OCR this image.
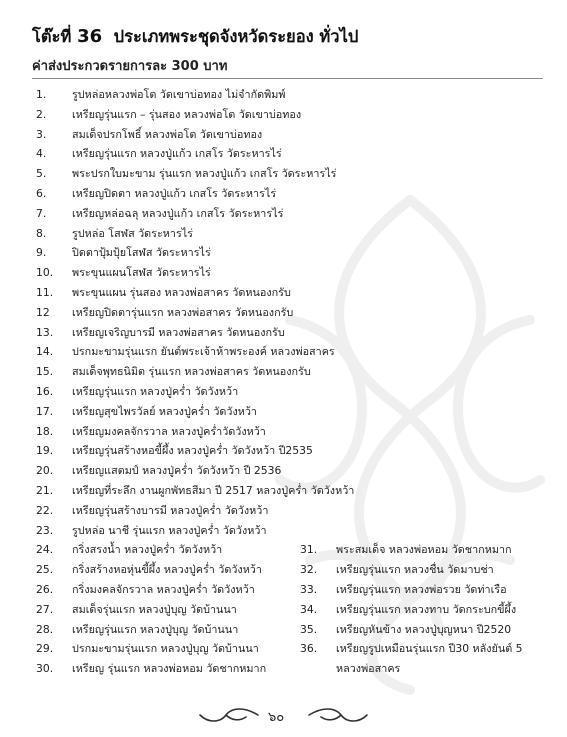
โต๊ะที่ 36 ประเภทพระชุดจังหวัดระยอง ทั่วไป
ค่าส่งประกวดรายการละ 300 บาท
1. รูปหล่อหลวงพ่อโต วัดเขาบ่อทอง ไม่จำกัดพิมพ์
2. เหรียญรุ่นแรก – รุ่นสอง หลวงพ่อโต วัดเขาบ่อทอง
3. สมเด็จปรกโพธิ์ หลวงพ่อโต วัดเขาบ่อทอง
4. เหรียญรุ่นแรก หลวงปู่แก้ว เกสโร วัดระหารไร่
5. พระปรกใบมะขาม รุ่นแรก หลวงปู่แก้ว เกสโร วัดระหารไร่
6. เหรียญปิดตา หลวงปู่แก้ว เกสโร วัดระหารไร่
7. เหรียญหล่อฉลุ หลวงปู่แก้ว เกสโร วัดระหารไร่
8. รูปหล่อ โสฬส วัดระหารไร่
9. ปิดตาปุ้มปุ้ยโสฬส วัดระหารไร่
10. พระขุนแผนโสฬส วัดระหารไร่
11. พระขุนแผน รุ่นสอง หลวงพ่อสาคร วัดหนองกรับ
12 เหรียญปิดตารุ่นแรก หลวงพ่อสาคร วัดหนองกรับ
13. เหรียญเจริญบารมี หลวงพ่อสาคร วัดหนองกรับ
14. ปรกมะขามรุ่นแรก ยันต์พระเจ้าห้าพระองค์ หลวงพ่อสาคร
15. สมเด็จพุทธนิมิต รุ่นแรก หลวงพ่อสาคร วัดหนองกรับ
16. เหรียญรุ่นแรก หลวงปู่คร่ำ วัดวังหว้า
17. เหรียญสุขไพรวัลย์ หลวงปู่คร่ำ วัดวังหว้า
18. เหรียญมงคลจักรวาล หลวงปู่คร่ำวัดวังหว้า
19. เหรียญรุ่นสร้างหอขี้ผึ้ง หลวงปู่คร่ำ วัดวังหว้า ปี2535
20. เหรียญแสตมป์ หลวงปู่คร่ำ วัดวังหว้า ปี 2536
21. เหรียญที่ระลึก งานผูกพัทธสีมา ปี 2517 หลวงปู่คร่ำ วัดวังหว้า
22. เหรียญรุ่นสร้างบารมี หลวงปู่คร่ำ วัดวังหว้า
23. รูปหล่อ นาชี รุ่นแรก หลวงปู่คร่ำ วัดวังหว้า
24. กริ่งสรงน้ำ หลวงปู่คร่ำ วัดวังหว้า
25. กริ่งสร้างหอหุ่นขี้ผึ้ง หลวงปู่คร่ำ วัดวังหว้า
26. กริ่งมงคลจักรวาล หลวงปู่คร่ำ วัดวังหว้า
27. สมเด็จรุ่นแรก หลวงปู่บุญ วัดบ้านนา
28. เหรียญรุ่นแรก หลวงปู่บุญ วัดบ้านนา
29. ปรกมะขามรุ่นแรก หลวงปู่บุญ วัดบ้านนา
30. เหรียญ รุ่นแรก หลวงพ่อหอม วัดชากหมาก
31. พระสมเด็จ หลวงพ่อหอม วัดชากหมาก
32. เหรียญรุ่นแรก หลวงชื่น วัดมาบช่า
33. เหรียญรุ่นแรก หลวงพ่อรวย วัดท่าเรือ
34. เหรียญรุ่นแรก หลวงทาบ วัดกระบกขี้ผึ้ง
35. เหรียญหันข้าง หลวงปู่บุญหนา ปี2520
36. เหรียญรูปเหมือนรุ่นแรก ปี30 หลังยันต์ 5
หลวงพ่อสาคร
๖๐
